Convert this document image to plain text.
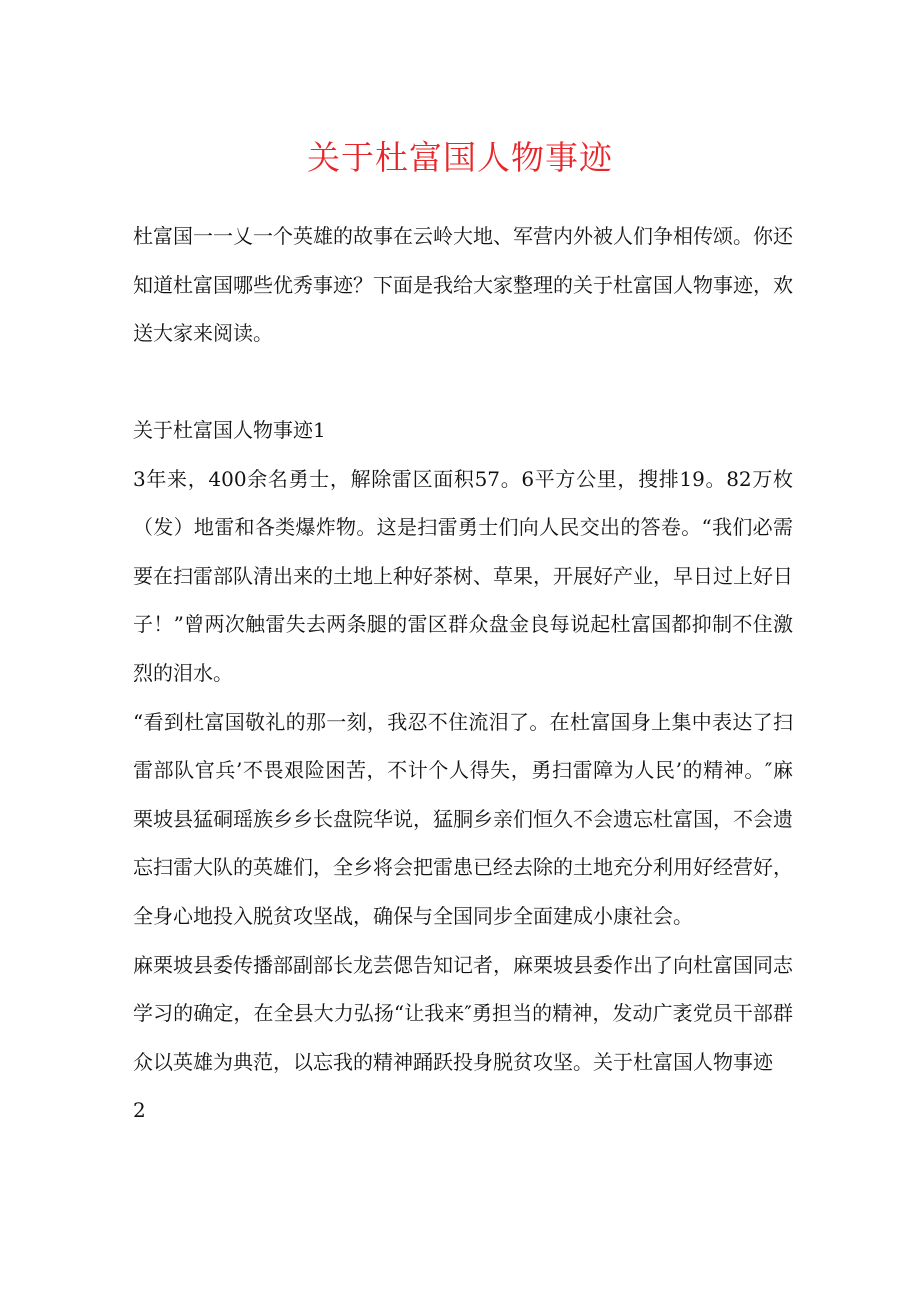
关于杜富国人物事迹

杜富国一一乂一个英雄的故事在云岭大地、军营内外被人们争相传颂。你还知道杜富国哪些优秀事迹？下面是我给大家整理的关于杜富国人物事迹，欢送大家来阅读。

关于杜富国人物事迹1

3年来，400余名勇士，解除雷区面积57。6平方公里，搜排19。82万枚（发）地雷和各类爆炸物。这是扫雷勇士们向人民交出的答卷。“我们必需要在扫雷部队清出来的土地上种好茶树、草果，开展好产业，早日过上好日子！”曾两次触雷失去两条腿的雷区群众盘金良每说起杜富国都抑制不住激烈的泪水。

“看到杜富国敬礼的那一刻，我忍不住流泪了。在杜富国身上集中表达了扫雷部队官兵’不畏艰险困苦，不计个人得失，勇扫雷障为人民’的精神。″麻栗坡县猛硐瑶族乡乡长盘院华说，猛胴乡亲们恒久不会遗忘杜富国，不会遗忘扫雷大队的英雄们，全乡将会把雷患已经去除的土地充分利用好经营好，全身心地投入脱贫攻坚战，确保与全国同步全面建成小康社会。

麻栗坡县委传播部副部长龙芸偲告知记者，麻栗坡县委作出了向杜富国同志学习的确定，在全县大力弘扬“让我来″勇担当的精神，发动广袤党员干部群众以英雄为典范，以忘我的精神踊跃投身脱贫攻坚。关于杜富国人物事迹

2
